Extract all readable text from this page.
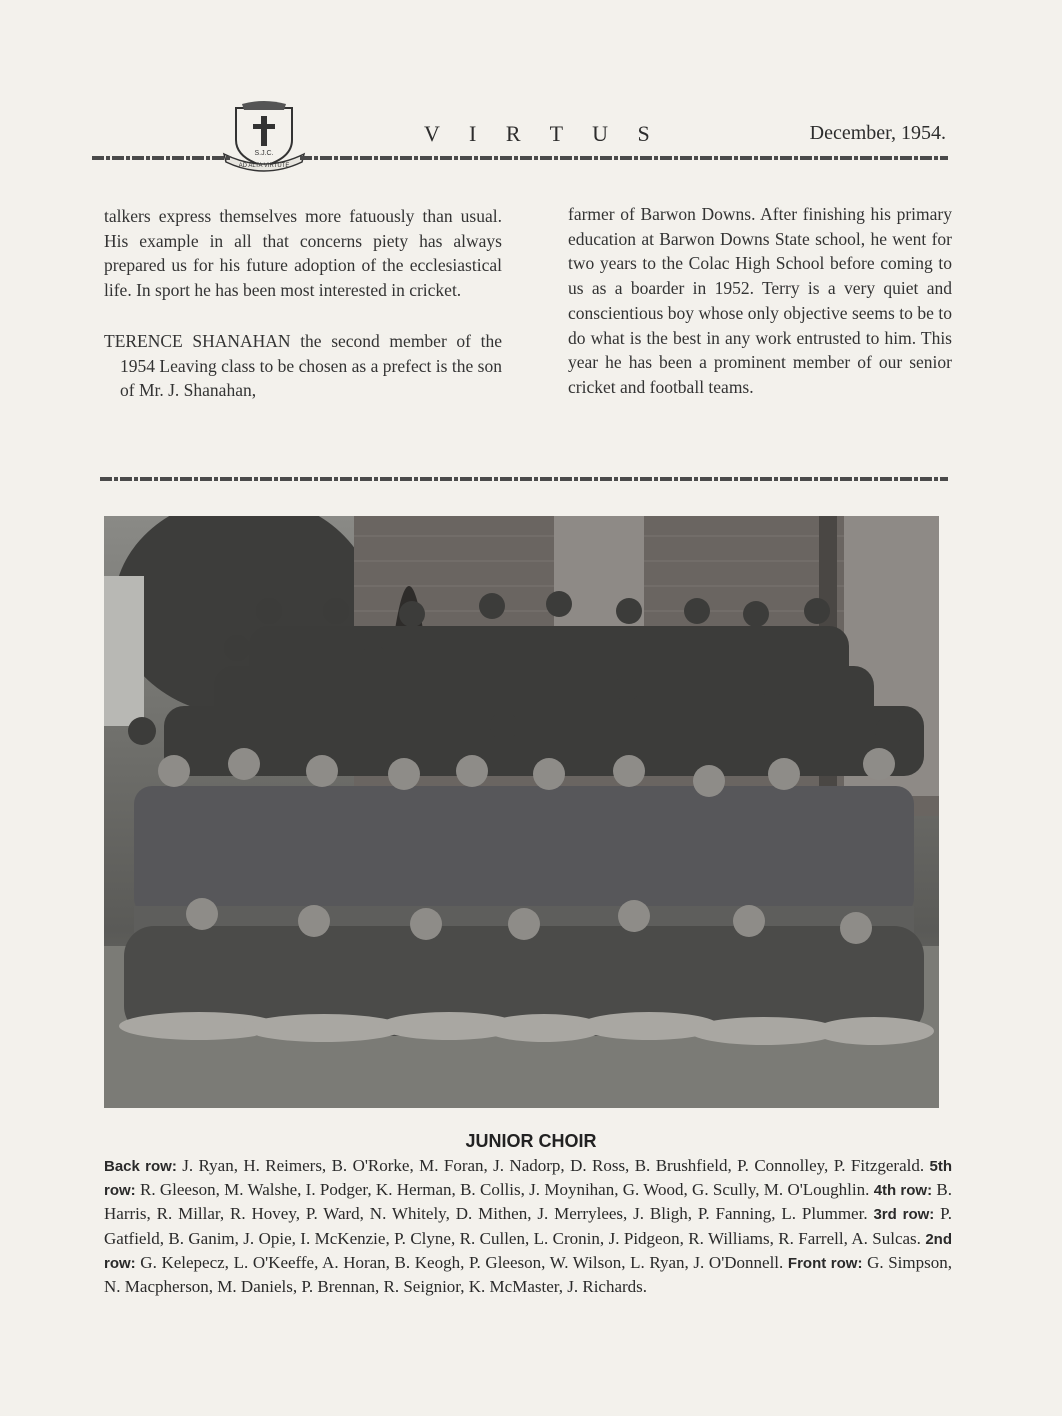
S.J.C.
AD ALTA VIRTUTE
V I R T U S	December, 1954.

talkers express themselves more fatuously than usual. His example in all that concerns piety has always prepared us for his future adoption of the ecclesiastical life. In sport he has been most interested in cricket.

TERENCE SHANAHAN the second member of the 1954 Leaving class to be chosen as a prefect is the son of Mr. J. Shanahan,

farmer of Barwon Downs. After finishing his primary education at Barwon Downs State school, he went for two years to the Colac High School before coming to us as a boarder in 1952. Terry is a very quiet and conscientious boy whose only objective seems to be to do what is the best in any work entrusted to him. This year he has been a prominent member of our senior cricket and football teams.

JUNIOR CHOIR
Back row: J. Ryan, H. Reimers, B. O'Rorke, M. Foran, J. Nadorp, D. Ross, B. Brushfield, P. Connolley, P. Fitzgerald. 5th row: R. Gleeson, M. Walshe, I. Podger, K. Herman, B. Collis, J. Moynihan, G. Wood, G. Scully, M. O'Loughlin. 4th row: B. Harris, R. Millar, R. Hovey, P. Ward, N. Whitely, D. Mithen, J. Merrylees, J. Bligh, P. Fanning, L. Plummer. 3rd row: P. Gatfield, B. Ganim, J. Opie, I. McKenzie, P. Clyne, R. Cullen, L. Cronin, J. Pidgeon, R. Williams, R. Farrell, A. Sulcas. 2nd row: G. Kelepecz, L. O'Keeffe, A. Horan, B. Keogh, P. Gleeson, W. Wilson, L. Ryan, J. O'Donnell. Front row: G. Simpson, N. Macpherson, M. Daniels, P. Brennan, R. Seignior, K. McMaster, J. Richards.
